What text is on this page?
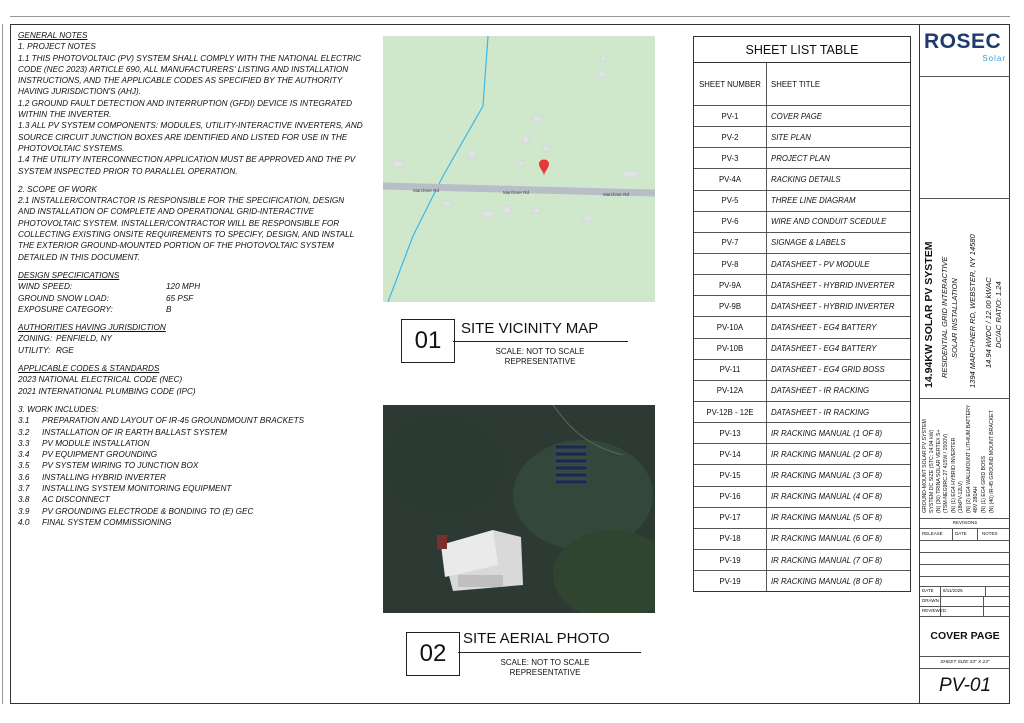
GENERAL NOTES
1. PROJECT NOTES
1.1 THIS PHOTOVOLTAIC (PV) SYSTEM SHALL COMPLY WITH THE NATIONAL ELECTRIC CODE (NEC 2023) ARTICLE 690, ALL MANUFACTURERS' LISTING AND INSTALLATION INSTRUCTIONS, AND THE APPLICABLE CODES AS SPECIFIED BY THE AUTHORITY HAVING JURISDICTION'S (AHJ).
1.2 GROUND FAULT DETECTION AND INTERRUPTION (GFDI) DEVICE IS INTEGRATED WITHIN THE INVERTER.
1.3 ALL PV SYSTEM COMPONENTS: MODULES, UTILITY-INTERACTIVE INVERTERS, AND SOURCE CIRCUIT JUNCTION BOXES ARE IDENTIFIED AND LISTED FOR USE IN THE PHOTOVOLTAIC SYSTEMS.
1.4 THE UTILITY INTERCONNECTION APPLICATION MUST BE APPROVED AND THE PV SYSTEM INSPECTED PRIOR TO PARALLEL OPERATION.
2. SCOPE OF WORK
2.1 INSTALLER/CONTRACTOR IS RESPONSIBLE FOR THE SPECIFICATION, DESIGN AND INSTALLATION OF COMPLETE AND OPERATIONAL GRID-INTERACTIVE PHOTOVOLTAIC SYSTEM. INSTALLER/CONTRACTOR WILL BE RESPONSIBLE FOR COLLECTING EXISTING ONSITE REQUIREMENTS TO SPECIFY, DESIGN, AND INSTALL THE EXTERIOR GROUND-MOUNTED PORTION OF THE PHOTOVOLTAIC SYSTEM DETAILED IN THIS DOCUMENT.
DESIGN SPECIFICATIONS
WIND SPEED:	120 MPH
GROUND SNOW LOAD:	65 PSF
EXPOSURE CATEGORY:	B
AUTHORITIES HAVING JURISDICTION
ZONING: PENFIELD, NY
UTILITY: RGE
APPLICABLE CODES & STANDARDS
2023 NATIONAL ELECTRICAL CODE (NEC)
2021 INTERNATIONAL PLUMBING CODE (IPC)
3. WORK INCLUDES:
3.1	PREPARATION AND LAYOUT OF IR-45 GROUNDMOUNT BRACKETS
3.2	INSTALLATION OF IR EARTH BALLAST SYSTEM
3.3	PV MODULE INSTALLATION
3.4	PV EQUIPMENT GROUNDING
3.5	PV SYSTEM WIRING TO JUNCTION BOX
3.6	INSTALLING HYBRID INVERTER
3.7	INSTALLING SYSTEM MONITORING EQUIPMENT
3.8	AC DISCONNECT
3.9	PV GROUNDING ELECTRODE & BONDING TO (E) GEC
4.0	FINAL SYSTEM COMMISSIONING
Marchner Rd	Marchner Rd	Marchner Rd
01	SITE VICINITY MAP
SCALE: NOT TO SCALE
REPRESENTATIVE
02
SITE AERIAL PHOTO
SCALE: NOT TO SCALE
REPRESENTATIVE
SHEET LIST TABLE
SHEET NUMBER	SHEET TITLE
PV-1	COVER PAGE
PV-2	SITE PLAN
PV-3	PROJECT PLAN
PV-4A	RACKING DETAILS
PV-5	THREE LINE DIAGRAM
PV-6	WIRE AND CONDUIT SCEDULE
PV-7	SIGNAGE & LABELS
PV-8	DATASHEET - PV MODULE
PV-9A	DATASHEET - HYBRID INVERTER
PV-9B	DATASHEET - HYBRID INVERTER
PV-10A	DATASHEET - EG4 BATTERY
PV-10B	DATASHEET - EG4 BATTERY
PV-11	DATASHEET - EG4 GRID BOSS
PV-12A	DATASHEET - IR RACKING
PV-12B - 12E	DATASHEET - IR RACKING
PV-13	IR RACKING MANUAL (1 OF 8)
PV-14	IR RACKING MANUAL (2 OF 8)
PV-15	IR RACKING MANUAL (3 OF 8)
PV-16	IR RACKING MANUAL (4 OF 8)
PV-17	IR RACKING MANUAL (5 OF 8)
PV-18	IR RACKING MANUAL (6 OF 8)
PV-19	IR RACKING MANUAL (7 OF 8)
PV-19	IR RACKING MANUAL (8 OF 8)
ROSEC
Solar
14.94KW SOLAR PV SYSTEM RESIDENTIAL GRID INTERACTIVE SOLAR INSTALLATION 1394 MARCHNER RD, WEBSTER, NY 14580 14.94 kWDC / 12.00 kWAC DC/AC RATIO: 1.24
GROUND-MOUNT SOLAR PV SYSTEM SYSTEM DC SIZE (STC: 14.94 kW) (N) (36) TRINA SOLAR VERTEX S+ (TSM-NEG9RC.27 415W / 1500V) (N) (1) EG4 HYBRID INVERTER (18kPV-12LV) (N) (2) EG4 WALLMOUNT LITHIUM BATTERY 48V 280AH (N) (1) EG4 GRID BOSS (N) (40) IR-45 GROUND MOUNT BRACKET
REVISIONS
RELEASE	DATE	NOTES
DATE	8/11/2025
DRAWN
REVIEWED
COVER PAGE
SHEET SIZE 33" X 23"
PV-01
